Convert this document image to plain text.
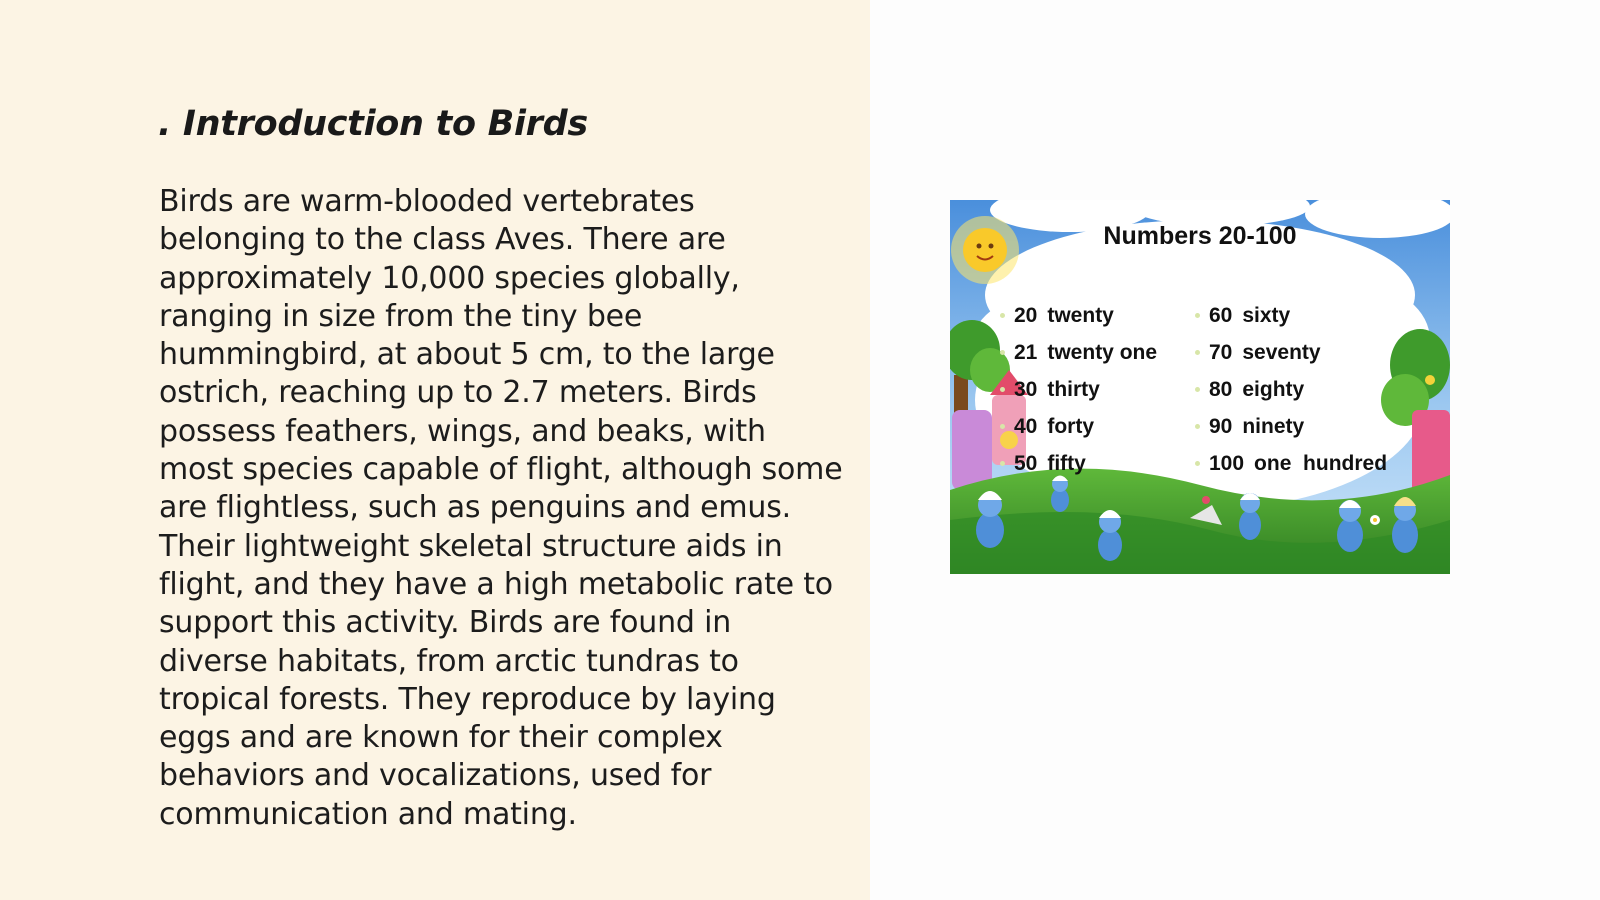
. Introduction to Birds

Birds are warm-blooded vertebrates belonging to the class Aves. There are approximately 10,000 species globally, ranging in size from the tiny bee hummingbird, at about 5 cm, to the large ostrich, reaching up to 2.7 meters. Birds possess feathers, wings, and beaks, with most species capable of flight, although some are flightless, such as penguins and emus. Their lightweight skeletal structure aids in flight, and they have a high metabolic rate to support this activity. Birds are found in diverse habitats, from arctic tundras to tropical forests. They reproduce by laying eggs and are known for their complex behaviors and vocalizations, used for communication and mating.

Numbers 20-100
20 twenty
21 twenty one
30 thirty
40 forty
50 fifty
60 sixty
70 seventy
80 eighty
90 ninety
100 one  hundred
